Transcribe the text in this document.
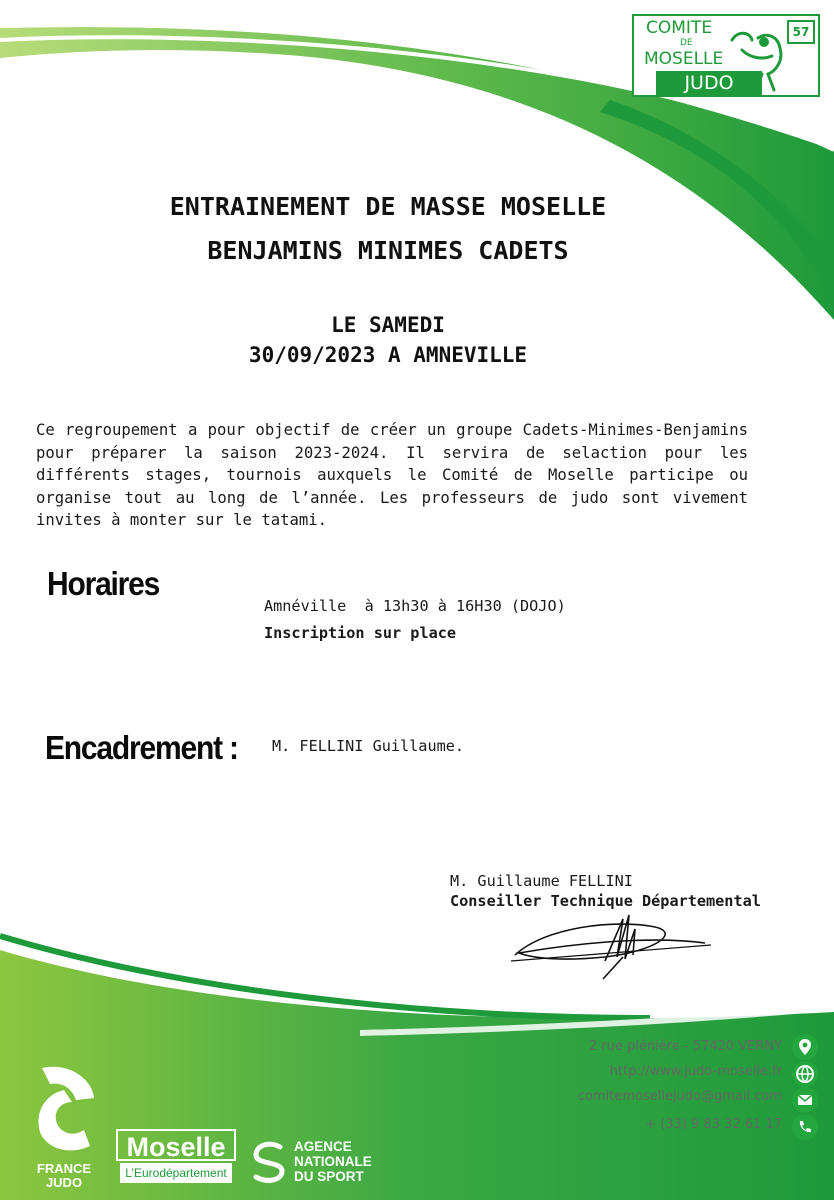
COMITE
DE
MOSELLE
JUDO
57
ENTRAINEMENT DE MASSE MOSELLE
BENJAMINS MINIMES CADETS
LE SAMEDI
30/09/2023 A AMNEVILLE
Ce regroupement a pour objectif de créer un groupe Cadets-Minimes-Benjamins pour préparer la saison 2023-2024. Il servira de selaction pour les différents stages, tournois auxquels le Comité de Moselle participe ou organise tout au long de l’année. Les professeurs de judo sont vivement invites à monter sur le tatami.
Horaires
Amnéville  à 13h30 à 16H30 (DOJO)
Inscription sur place
Encadrement : M. FELLINI Guillaume.
M. Guillaume FELLINI
Conseiller Technique Départemental
2 rue plénière - 57420 VERNY
http://www.judo-moselle.fr
comitemosellejudo@gmail.com
+ (33) 9 83 32 61 17
FRANCE JUDO
Moselle
L’Eurodépartement
AGENCE NATIONALE DU SPORT
